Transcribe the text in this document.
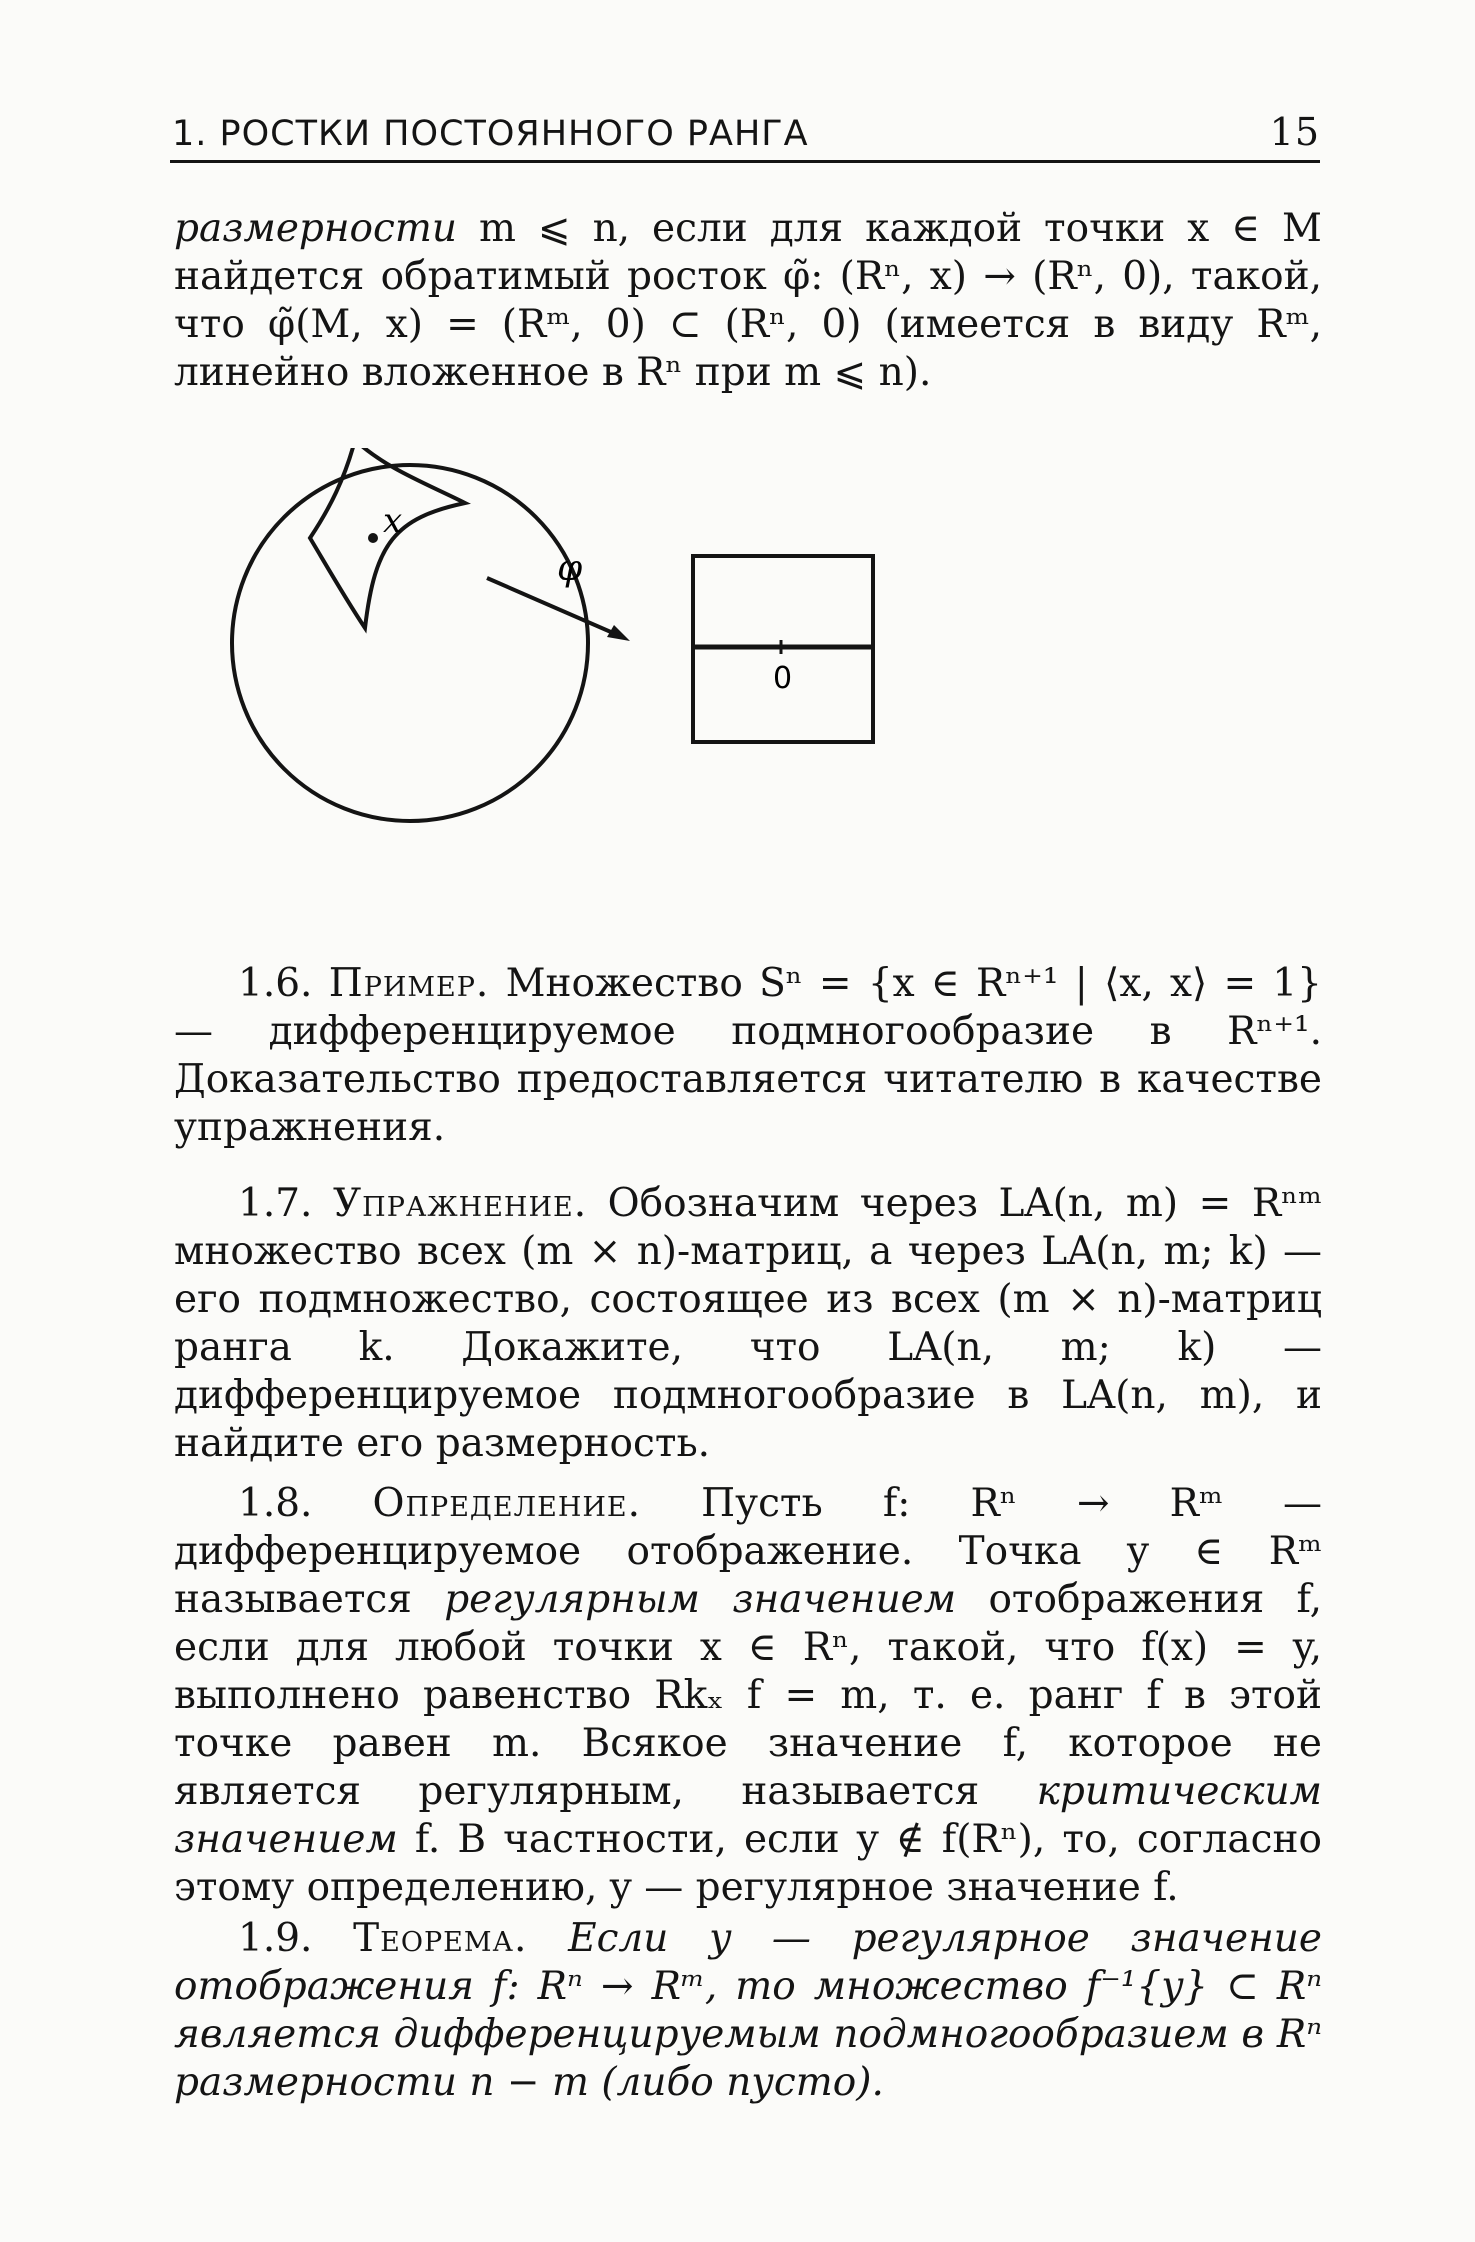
1. РОСТКИ ПОСТОЯННОГО РАНГА	15

размерности m ⩽ n, если для каждой точки x ∈ M найдется обратимый росток φ̃: (Rⁿ, x) → (Rⁿ, 0), такой, что φ̃(M, x) = (Rᵐ, 0) ⊂ (Rⁿ, 0) (имеется в виду Rᵐ, линейно вложенное в Rⁿ при m ⩽ n).

x
φ
0

1.6. Пример. Множество Sⁿ = {x ∈ Rⁿ⁺¹ | ⟨x, x⟩ = 1} — дифференцируемое подмногообразие в Rⁿ⁺¹. Доказательство предоставляется читателю в качестве упражнения.

1.7. Упражнение. Обозначим через LA(n, m) = Rⁿᵐ множество всех (m × n)-матриц, а через LA(n, m; k) — его подмножество, состоящее из всех (m × n)-матриц ранга k. Докажите, что LA(n, m; k) — дифференцируемое подмногообразие в LA(n, m), и найдите его размерность.

1.8. Определение. Пусть f: Rⁿ → Rᵐ — дифференцируемое отображение. Точка y ∈ Rᵐ называется регулярным значением отображения f, если для любой точки x ∈ Rⁿ, такой, что f(x) = y, выполнено равенство Rkₓ f = m, т. е. ранг f в этой точке равен m. Всякое значение f, которое не является регулярным, называется критическим значением f. В частности, если y ∉ f(Rⁿ), то, согласно этому определению, y — регулярное значение f.

1.9. Теорема. Если y — регулярное значение отображения f: Rⁿ → Rᵐ, то множество f⁻¹{y} ⊂ Rⁿ является дифференцируемым подмногообразием в Rⁿ размерности n − m (либо пусто).
